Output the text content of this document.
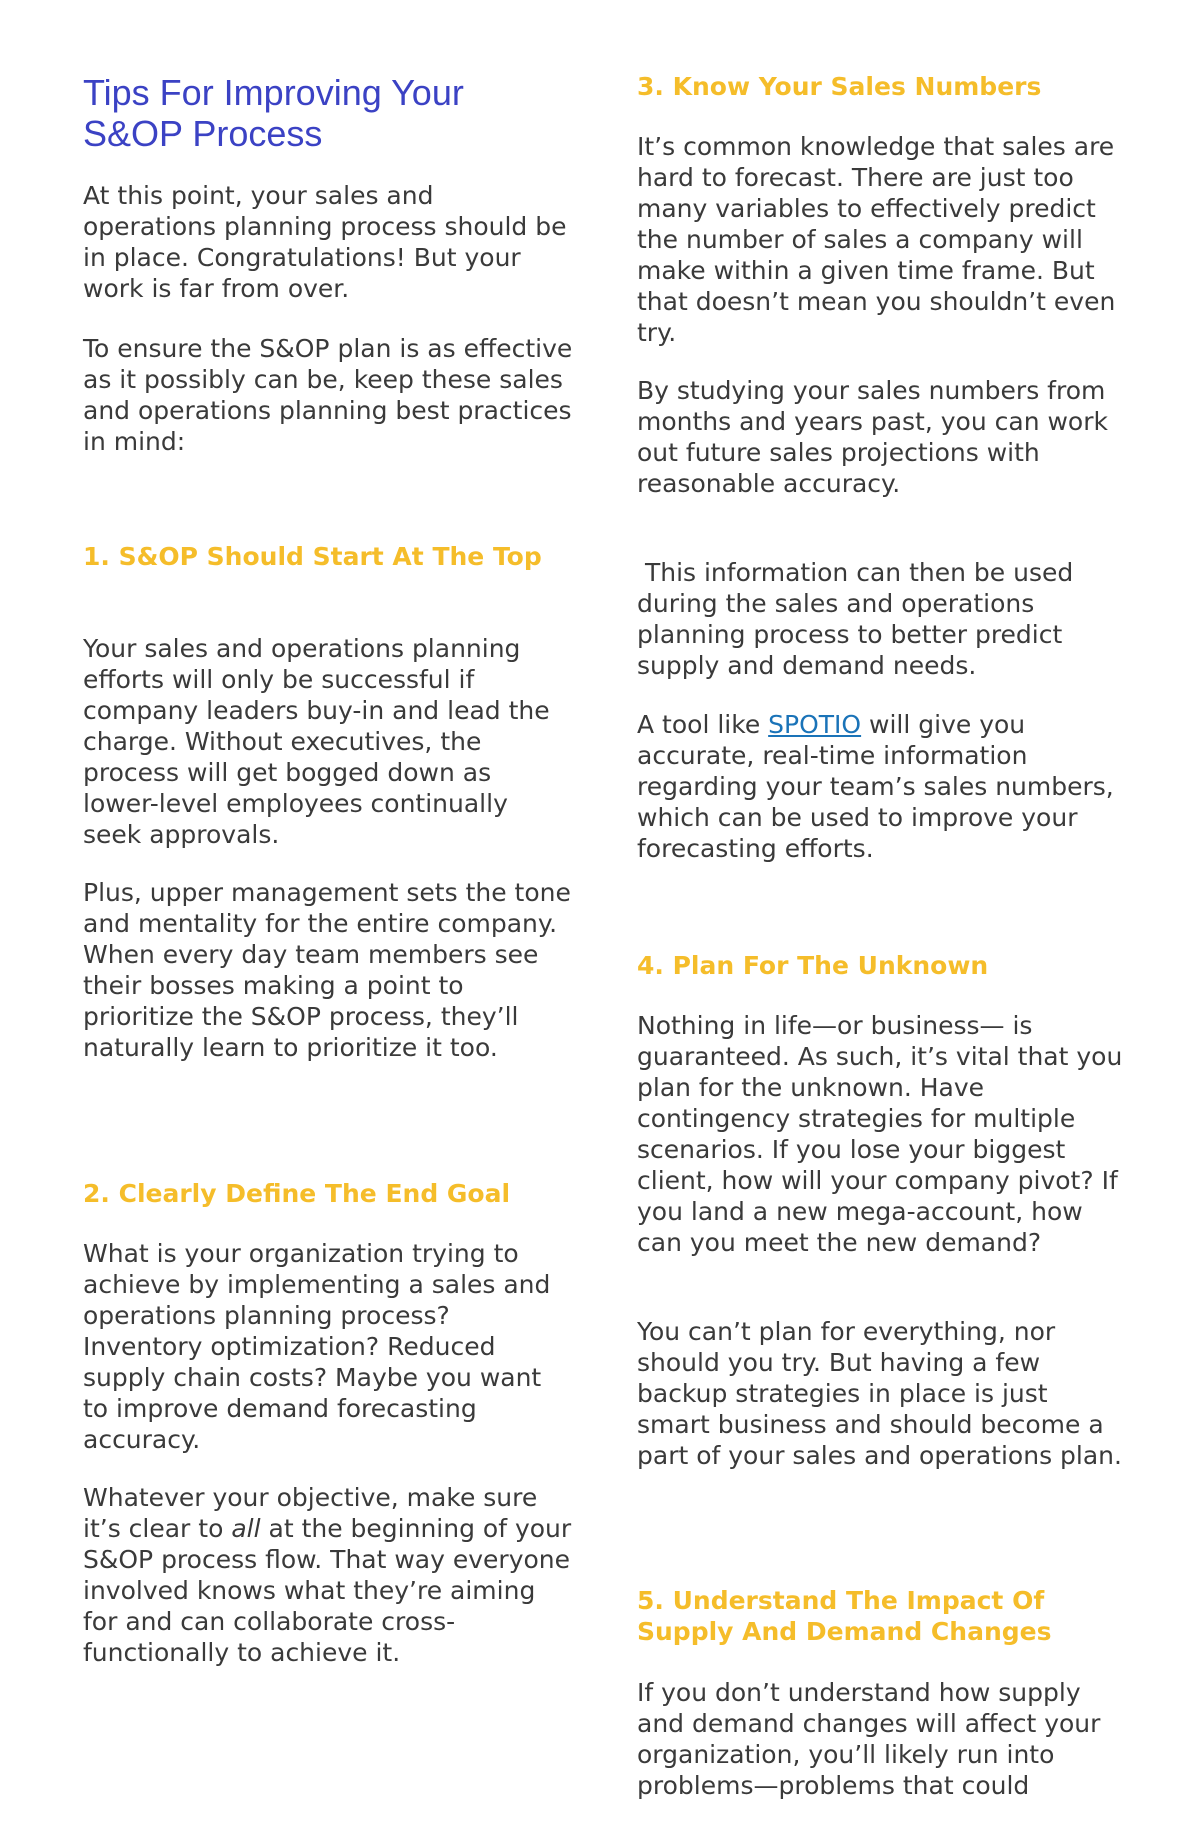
Tips For Improving Your S&OP Process

At this point, your sales and operations planning process should be in place. Congratulations! But your work is far from over.

To ensure the S&OP plan is as effective as it possibly can be, keep these sales and operations planning best practices in mind:

1. S&OP Should Start At The Top

Your sales and operations planning efforts will only be successful if company leaders buy-in and lead the charge. Without executives, the process will get bogged down as lower-level employees continually seek approvals.

Plus, upper management sets the tone and mentality for the entire company. When every day team members see their bosses making a point to prioritize the S&OP process, they’ll naturally learn to prioritize it too.

2. Clearly Define The End Goal

What is your organization trying to achieve by implementing a sales and operations planning process? Inventory optimization? Reduced supply chain costs? Maybe you want to improve demand forecasting accuracy.

Whatever your objective, make sure it’s clear to all at the beginning of your S&OP process flow. That way everyone involved knows what they’re aiming for and can collaborate cross-functionally to achieve it.

3. Know Your Sales Numbers

It’s common knowledge that sales are hard to forecast. There are just too many variables to effectively predict the number of sales a company will make within a given time frame. But that doesn’t mean you shouldn’t even try.

By studying your sales numbers from months and years past, you can work out future sales projections with reasonable accuracy.

This information can then be used during the sales and operations planning process to better predict supply and demand needs.

A tool like SPOTIO will give you accurate, real-time information regarding your team’s sales numbers, which can be used to improve your forecasting efforts.

4. Plan For The Unknown

Nothing in life—or business— is guaranteed. As such, it’s vital that you plan for the unknown. Have contingency strategies for multiple scenarios. If you lose your biggest client, how will your company pivot? If you land a new mega-account, how can you meet the new demand?

You can’t plan for everything, nor should you try. But having a few backup strategies in place is just smart business and should become a part of your sales and operations plan.

5. Understand The Impact Of Supply And Demand Changes

If you don’t understand how supply and demand changes will affect your organization, you’ll likely run into problems—problems that could
